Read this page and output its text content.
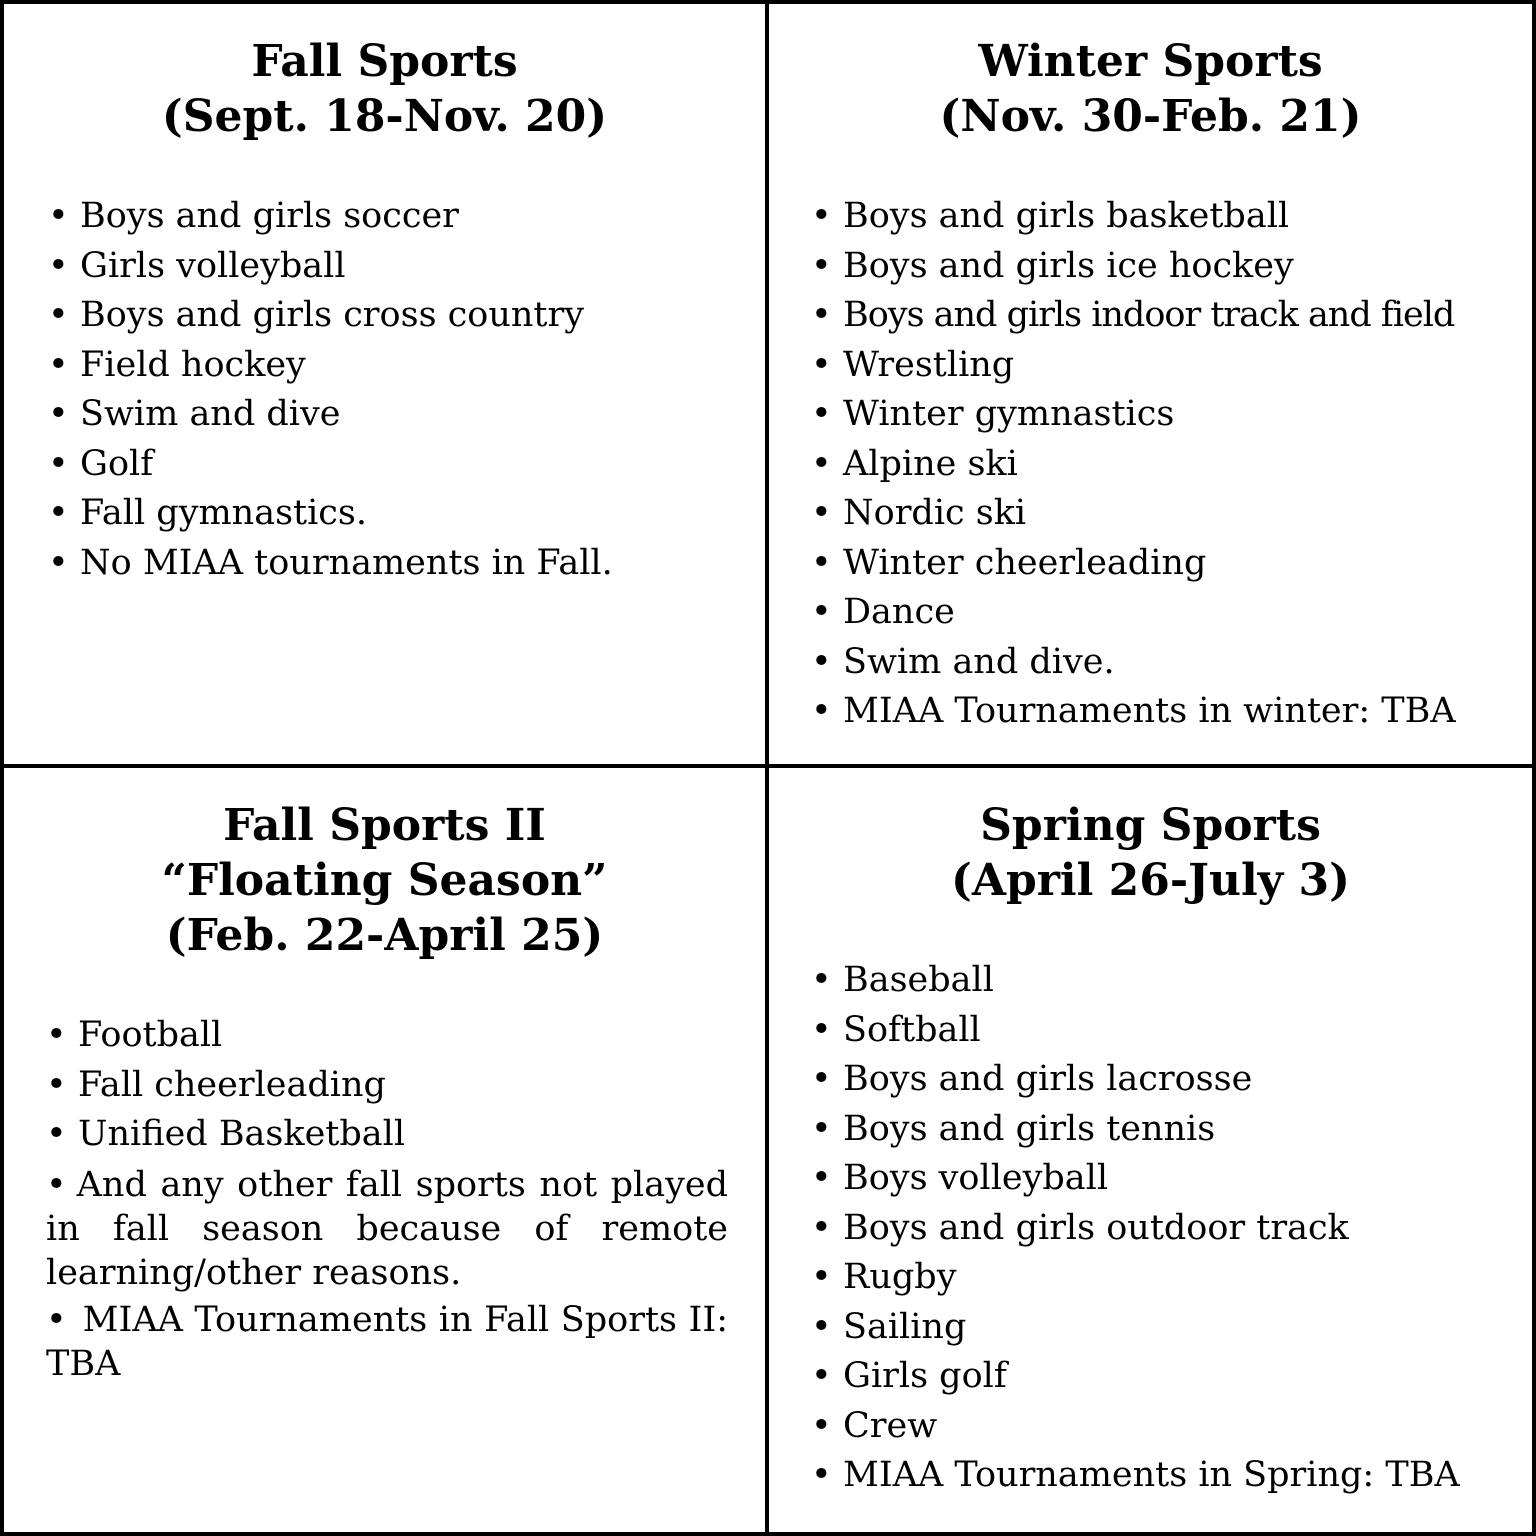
Fall Sports
(Sept. 18-Nov. 20)
• Boys and girls soccer
• Girls volleyball
• Boys and girls cross country
• Field hockey
• Swim and dive
• Golf
• Fall gymnastics.
• No MIAA tournaments in Fall.
Winter Sports
(Nov. 30-Feb. 21)
• Boys and girls basketball
• Boys and girls ice hockey
• Boys and girls indoor track and field
• Wrestling
• Winter gymnastics
• Alpine ski
• Nordic ski
• Winter cheerleading
• Dance
• Swim and dive.
• MIAA Tournaments in winter: TBA
Fall Sports II
“Floating Season”
(Feb. 22-April 25)
• Football
• Fall cheerleading
• Unified Basketball
• And any other fall sports not played in fall season because of remote learning/other reasons.
• MIAA Tournaments in Fall Sports II: TBA
Spring Sports
(April 26-July 3)
• Baseball
• Softball
• Boys and girls lacrosse
• Boys and girls tennis
• Boys volleyball
• Boys and girls outdoor track
• Rugby
• Sailing
• Girls golf
• Crew
• MIAA Tournaments in Spring: TBA
